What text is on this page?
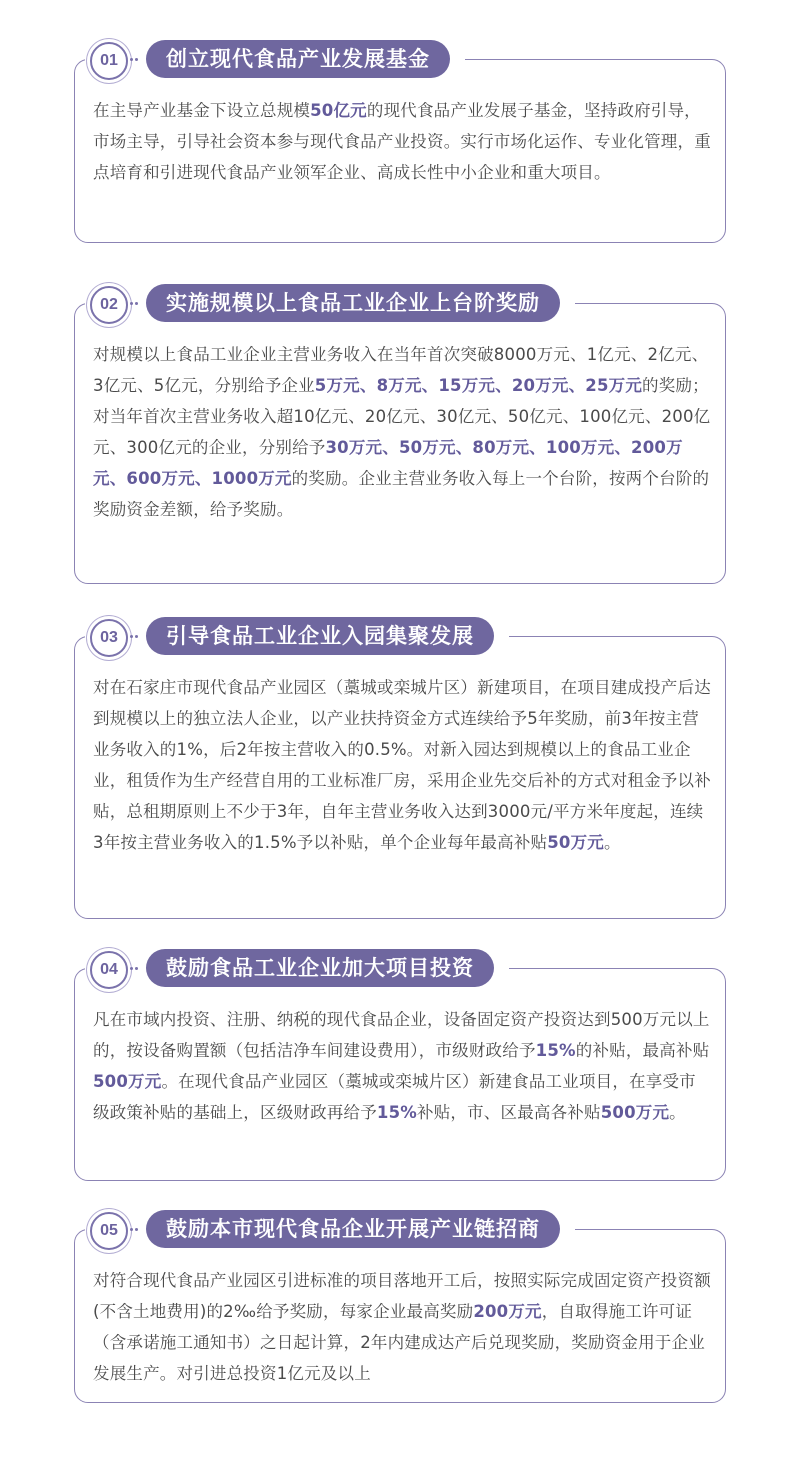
在主导产业基金下设立总规模50亿元的现代食品产业发展子基金，坚持政府引导，市场主导，引导社会资本参与现代食品产业投资。实行市场化运作、专业化管理，重点培育和引进现代食品产业领军企业、高成长性中小企业和重大项目。

01	创立现代食品产业发展基金

对规模以上食品工业企业主营业务收入在当年首次突破8000万元、1亿元、2亿元、3亿元、5亿元，分别给予企业5万元、8万元、15万元、20万元、25万元的奖励；对当年首次主营业务收入超10亿元、20亿元、30亿元、50亿元、100亿元、200亿元、300亿元的企业，分别给予30万元、50万元、80万元、100万元、200万元、600万元、1000万元的奖励。企业主营业务收入每上一个台阶，按两个台阶的奖励资金差额，给予奖励。

02	实施规模以上食品工业企业上台阶奖励

对在石家庄市现代食品产业园区（藁城或栾城片区）新建项目，在项目建成投产后达到规模以上的独立法人企业，以产业扶持资金方式连续给予5年奖励，前3年按主营业务收入的1%，后2年按主营收入的0.5%。对新入园达到规模以上的食品工业企业，租赁作为生产经营自用的工业标准厂房，采用企业先交后补的方式对租金予以补贴，总租期原则上不少于3年，自年主营业务收入达到3000元/平方米年度起，连续3年按主营业务收入的1.5%予以补贴，单个企业每年最高补贴50万元。

03	引导食品工业企业入园集聚发展

凡在市域内投资、注册、纳税的现代食品企业，设备固定资产投资达到500万元以上的，按设备购置额（包括洁净车间建设费用），市级财政给予15%的补贴，最高补贴500万元。在现代食品产业园区（藁城或栾城片区）新建食品工业项目，在享受市级政策补贴的基础上，区级财政再给予15%补贴，市、区最高各补贴500万元。

04	鼓励食品工业企业加大项目投资

对符合现代食品产业园区引进标准的项目落地开工后，按照实际完成固定资产投资额(不含土地费用)的2‰给予奖励，每家企业最高奖励200万元，自取得施工许可证（含承诺施工通知书）之日起计算，2年内建成达产后兑现奖励，奖励资金用于企业发展生产。对引进总投资1亿元及以上

05	鼓励本市现代食品企业开展产业链招商
